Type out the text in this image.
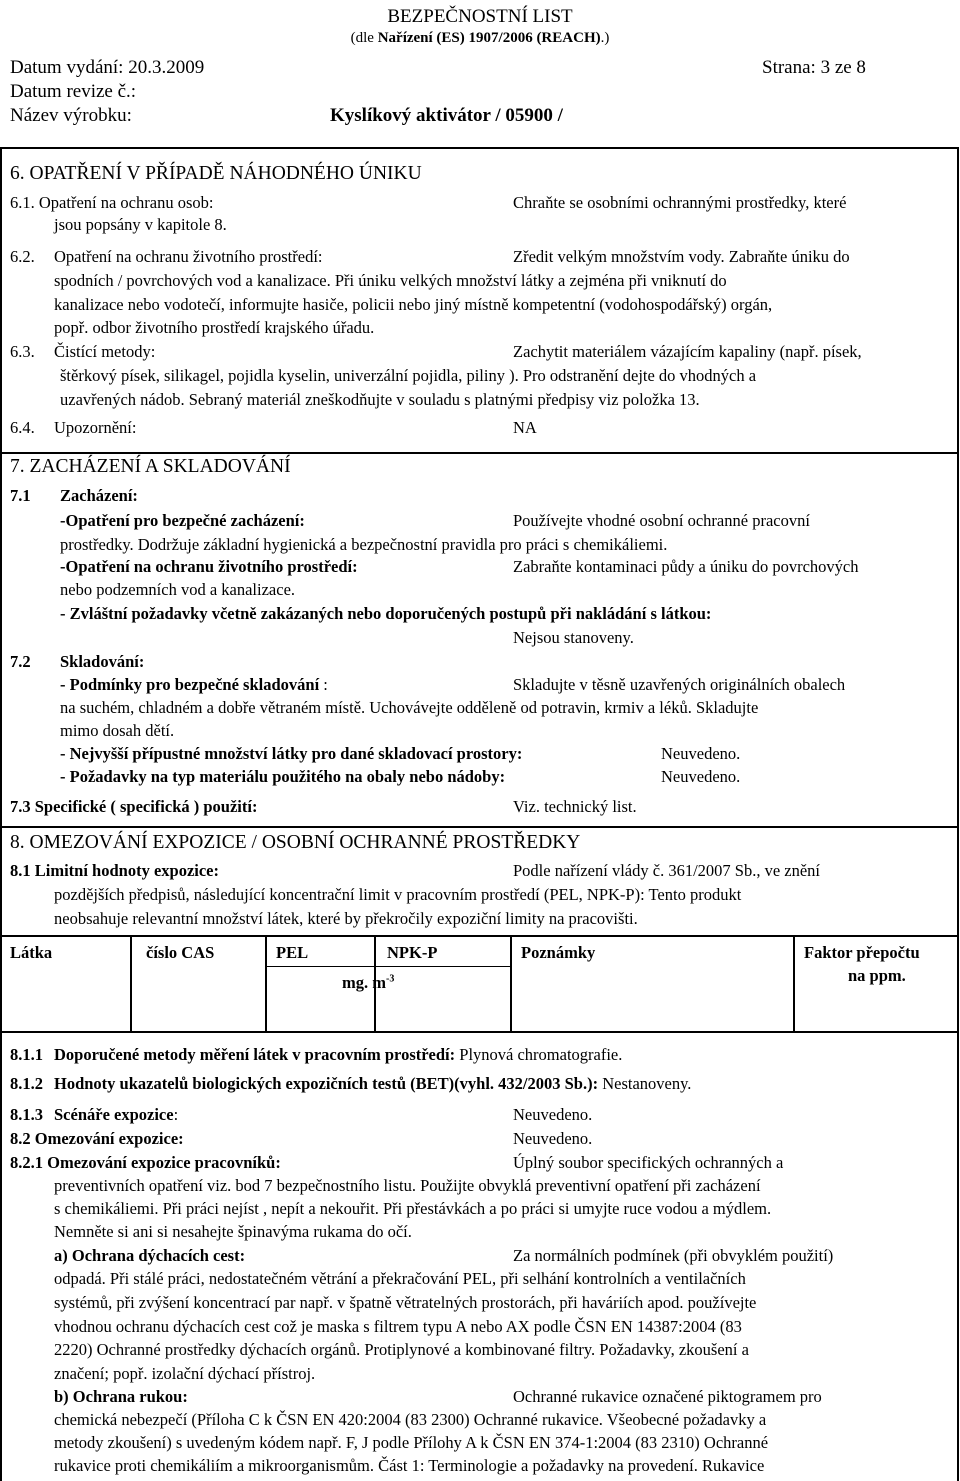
BEZPEČNOSTNÍ LIST
(dle Nařízení (ES) 1907/2006 (REACH).)
Datum vydání: 20.3.2009	Strana: 3 ze 8
Datum revize č.:
Název výrobku:	Kyslíkový aktivátor / 05900 /
6. OPATŘENÍ V PŘÍPADĚ NÁHODNÉHO ÚNIKU
6.1. Opatření na ochranu osob:	Chraňte se osobními ochrannými prostředky, které
jsou popsány v kapitole 8.
6.2. Opatření na ochranu životního prostředí:	Zředit velkým množstvím vody. Zabraňte úniku do
spodních / povrchových vod a kanalizace. Při úniku velkých množství látky a zejména při vniknutí do
kanalizace nebo vodotečí, informujte hasiče, policii nebo jiný místně kompetentní (vodohospodářský) orgán,
popř. odbor životního prostředí krajského úřadu.
6.3. Čistící metody:	Zachytit materiálem vázajícím kapaliny (např. písek,
štěrkový písek, silikagel, pojidla kyselin, univerzální pojidla, piliny ). Pro odstranění dejte do vhodných a
uzavřených nádob. Sebraný materiál zneškodňujte v souladu s platnými předpisy viz položka 13.
6.4. Upozornění:	NA
7. ZACHÁZENÍ A SKLADOVÁNÍ
7.1 Zacházení:
-Opatření pro bezpečné zacházení:	Používejte vhodné osobní ochranné pracovní
prostředky. Dodržuje základní hygienická a bezpečnostní pravidla pro práci s chemikáliemi.
-Opatření na ochranu životního prostředí:	Zabraňte kontaminaci půdy a úniku do povrchových
nebo podzemních vod a kanalizace.
- Zvláštní požadavky včetně zakázaných nebo doporučených postupů při nakládání s látkou:
Nejsou stanoveny.
7.2 Skladování:
- Podmínky pro bezpečné skladování :	Skladujte v těsně uzavřených originálních obalech
na suchém, chladném a dobře větraném místě. Uchovávejte odděleně od potravin, krmiv a léků. Skladujte
mimo dosah dětí.
- Nejvyšší přípustné množství látky pro dané skladovací prostory:	Neuvedeno.
- Požadavky na typ materiálu použitého na obaly nebo nádoby:	Neuvedeno.
7.3 Specifické ( specifická ) použití:	Viz. technický list.
8. OMEZOVÁNÍ EXPOZICE / OSOBNÍ OCHRANNÉ PROSTŘEDKY
8.1 Limitní hodnoty expozice:	Podle nařízení vlády č. 361/2007 Sb., ve znění
pozdějších předpisů, následující koncentrační limit v pracovním prostředí (PEL, NPK-P): Tento produkt
neobsahuje relevantní množství látek, které by překročily expoziční limity na pracovišti.
Látka	číslo CAS	PEL	NPK-P	Poznámky	Faktor přepočtu
na ppm.
mg. $m^{-3}$
8.1.1 Doporučené metody měření látek v pracovním prostředí: Plynová chromatografie.
8.1.2 Hodnoty ukazatelů biologických expozičních testů (BET)(vyhl. 432/2003 Sb.): Nestanoveny.
8.1.3 Scénáře expozice:	Neuvedeno.
8.2 Omezování expozice:	Neuvedeno.
8.2.1 Omezování expozice pracovníků:	Úplný soubor specifických ochranných a
preventivních opatření viz. bod 7 bezpečnostního listu. Použijte obvyklá preventivní opatření při zacházení
s chemikáliemi. Při práci nejíst , nepít a nekouřit. Při přestávkách a po práci si umyjte ruce vodou a mýdlem.
Nemněte si ani si nesahejte špinavýma rukama do očí.
a) Ochrana dýchacích cest:	Za normálních podmínek (při obvyklém použití)
odpadá. Při stálé práci, nedostatečném větrání a překračování PEL, při selhání kontrolních a ventilačních
systémů, při zvýšení koncentrací par např. v špatně větratelných prostorách, při haváriích apod. používejte
vhodnou ochranu dýchacích cest což je maska s filtrem typu A nebo AX podle ČSN EN 14387:2004 (83
2220) Ochranné prostředky dýchacích orgánů. Protiplynové a kombinované filtry. Požadavky, zkoušení a
značení; popř. izolační dýchací přístroj.
b) Ochrana rukou:	Ochranné rukavice označené piktogramem pro
chemická nebezpečí (Příloha C k ČSN EN 420:2004 (83 2300) Ochranné rukavice. Všeobecné požadavky a
metody zkoušení) s uvedeným kódem např. F, J podle Přílohy A k ČSN EN 374-1:2004 (83 2310) Ochranné
rukavice proti chemikáliím a mikroorganismům. Část 1: Terminologie a požadavky na provedení. Rukavice
